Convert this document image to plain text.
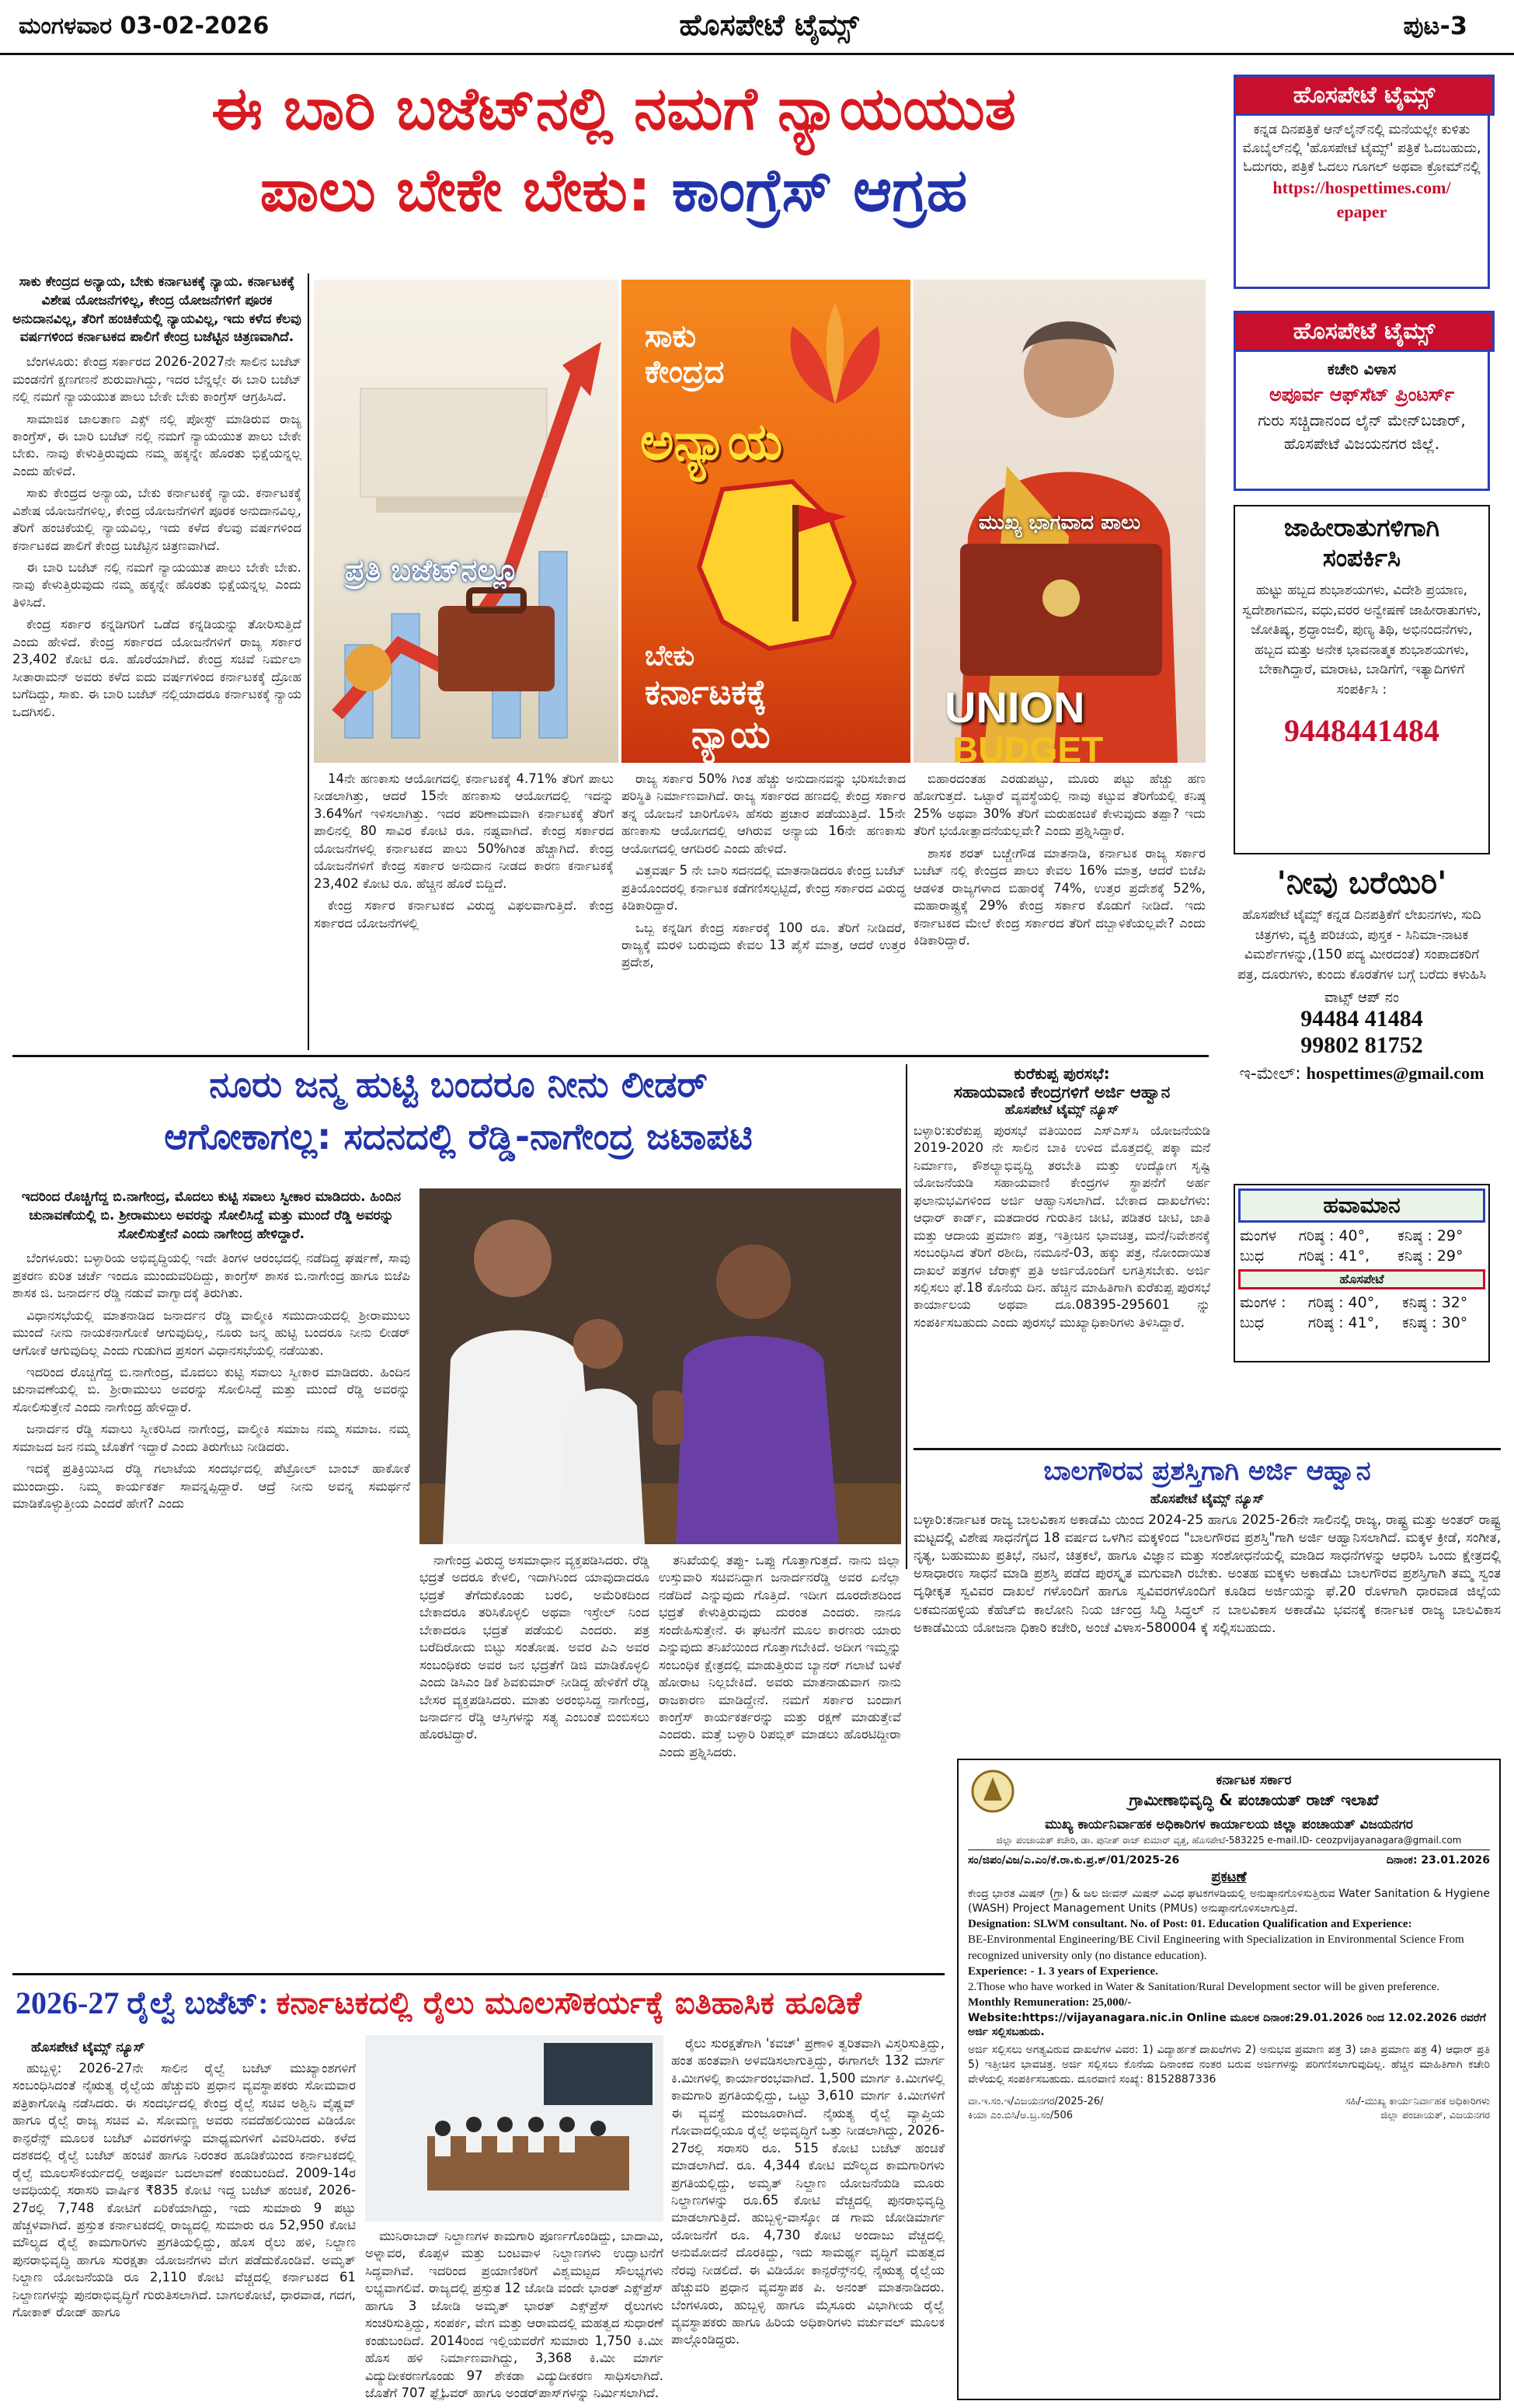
ಮಂಗಳವಾರ 03-02-2026	ಹೊಸಪೇಟೆ ಟೈಮ್ಸ್	ಪುಟ-3
ಈ ಬಾರಿ ಬಜೆಟ್‌ನಲ್ಲಿ ನಮಗೆ ನ್ಯಾಯಯುತ
ಪಾಲು ಬೇಕೇ ಬೇಕು: ಕಾಂಗ್ರೆಸ್ ಆಗ್ರಹ

ಸಾಕು ಕೇಂದ್ರದ ಅನ್ಯಾಯ, ಬೇಕು ಕರ್ನಾಟಕಕ್ಕೆ ನ್ಯಾಯ. ಕರ್ನಾಟಕಕ್ಕೆ ವಿಶೇಷ ಯೋಜನೆಗಳಿಲ್ಲ, ಕೇಂದ್ರ ಯೋಜನೆಗಳಿಗೆ ಪೂರಕ ಅನುದಾನವಿಲ್ಲ, ತೆರಿಗೆ ಹಂಚಿಕೆಯಲ್ಲಿ ನ್ಯಾಯವಿಲ್ಲ, ಇದು ಕಳೆದ ಕೆಲವು ವರ್ಷಗಳಿಂದ ಕರ್ನಾಟಕದ ಪಾಲಿಗೆ ಕೇಂದ್ರ ಬಜೆಟ್ಟಿನ ಚಿತ್ರಣವಾಗಿದೆ.

ಬೆಂಗಳೂರು: ಕೇಂದ್ರ ಸರ್ಕಾರದ 2026-2027ನೇ ಸಾಲಿನ ಬಜೆಟ್ ಮಂಡನೆಗೆ ಕ್ಷಣಗಣನೆ ಶುರುವಾಗಿದ್ದು, ಇದರ ಬೆನ್ನಲ್ಲೇ ಈ ಬಾರಿ ಬಜೆಟ್ ನಲ್ಲಿ ನಮಗೆ ನ್ಯಾಯಯುತ ಪಾಲು ಬೇಕೇ ಬೇಕು ಕಾಂಗ್ರೆಸ್ ಆಗ್ರಹಿಸಿದೆ.

ಸಾಮಾಜಿಕ ಜಾಲತಾಣ ಎಕ್ಸ್ ನಲ್ಲಿ ಪೋಸ್ಟ್ ಮಾಡಿರುವ ರಾಜ್ಯ ಕಾಂಗ್ರೆಸ್, ಈ ಬಾರಿ ಬಜೆಟ್ ನಲ್ಲಿ ನಮಗೆ ನ್ಯಾಯಯುತ ಪಾಲು ಬೇಕೇ ಬೇಕು. ನಾವು ಕೇಳುತ್ತಿರುವುದು ನಮ್ಮ ಹಕ್ಕನ್ನೇ ಹೊರತು ಭಿಕ್ಷೆಯನ್ನಲ್ಲ ಎಂದು ಹೇಳಿದೆ.

ಸಾಕು ಕೇಂದ್ರದ ಅನ್ಯಾಯ, ಬೇಕು ಕರ್ನಾಟಕಕ್ಕೆ ನ್ಯಾಯ. ಕರ್ನಾಟಕಕ್ಕೆ ವಿಶೇಷ ಯೋಜನೆಗಳಿಲ್ಲ, ಕೇಂದ್ರ ಯೋಜನೆಗಳಿಗೆ ಪೂರಕ ಅನುದಾನವಿಲ್ಲ, ತೆರಿಗೆ ಹಂಚಿಕೆಯಲ್ಲಿ ನ್ಯಾಯವಿಲ್ಲ, ಇದು ಕಳೆದ ಕೆಲವು ವರ್ಷಗಳಿಂದ ಕರ್ನಾಟಕದ ಪಾಲಿಗೆ ಕೇಂದ್ರ ಬಜೆಟ್ಟಿನ ಚಿತ್ರಣವಾಗಿದೆ.

ಈ ಬಾರಿ ಬಜೆಟ್ ನಲ್ಲಿ ನಮಗೆ ನ್ಯಾಯಯುತ ಪಾಲು ಬೇಕೇ ಬೇಕು. ನಾವು ಕೇಳುತ್ತಿರುವುದು ನಮ್ಮ ಹಕ್ಕನ್ನೇ ಹೊರತು ಭಿಕ್ಷೆಯನ್ನಲ್ಲ ಎಂದು ತಿಳಿಸಿದೆ.

ಕೇಂದ್ರ ಸರ್ಕಾರ ಕನ್ನಡಿಗರಿಗೆ ಒಡೆದ ಕನ್ನಡಿಯನ್ನು ತೋರಿಸುತ್ತಿದೆ ಎಂದು ಹೇಳಿದೆ. ಕೇಂದ್ರ ಸರ್ಕಾರದ ಯೋಜನೆಗಳಿಗೆ ರಾಜ್ಯ ಸರ್ಕಾರ 23,402 ಕೋಟಿ ರೂ. ಹೊರೆಯಾಗಿದೆ. ಕೇಂದ್ರ ಸಚಿವೆ ನಿರ್ಮಲಾ ಸೀತಾರಾಮನ್ ಅವರು ಕಳೆದ ಐದು ವರ್ಷಗಳಿಂದ ಕರ್ನಾಟಕಕ್ಕೆ ದ್ರೋಹ ಬಗೆದಿದ್ದು, ಸಾಕು. ಈ ಬಾರಿ ಬಜೆಟ್ ನಲ್ಲಿಯಾದರೂ ಕರ್ನಾಟಕಕ್ಕೆ ನ್ಯಾಯ ಒದಗಿಸಲಿ.

ಪ್ರತಿ ಬಜೆಟ್‌ನಲ್ಲೂ
ಸಾಕು ಕೇಂದ್ರದ
ಅನ್ಯಾಯ
ಬೇಕು
ಕರ್ನಾಟಕಕ್ಕೆ
ನ್ಯಾಯ
ಮುಖ್ಯ ಭಾಗವಾದ ಪಾಲು
UNION
BUDGET

14ನೇ ಹಣಕಾಸು ಆಯೋಗದಲ್ಲಿ ಕರ್ನಾಟಕಕ್ಕೆ 4.71% ತೆರಿಗೆ ಪಾಲು ನೀಡಲಾಗಿತ್ತು, ಆದರೆ 15ನೇ ಹಣಕಾಸು ಆಯೋಗದಲ್ಲಿ ಇದನ್ನು 3.64%ಗೆ ಇಳಿಸಲಾಗಿತ್ತು. ಇದರ ಪರಿಣಾಮವಾಗಿ ಕರ್ನಾಟಕಕ್ಕೆ ತೆರಿಗೆ ಪಾಲಿನಲ್ಲಿ 80 ಸಾವಿರ ಕೋಟಿ ರೂ. ನಷ್ಟವಾಗಿದೆ. ಕೇಂದ್ರ ಸರ್ಕಾರದ ಯೋಜನೆಗಳಲ್ಲಿ ಕರ್ನಾಟಕದ ಪಾಲು 50%ಗಿಂತ ಹೆಚ್ಚಾಗಿದೆ. ಕೇಂದ್ರ ಯೋಜನೆಗಳಿಗೆ ಕೇಂದ್ರ ಸರ್ಕಾರ ಅನುದಾನ ನೀಡದ ಕಾರಣ ಕರ್ನಾಟಕಕ್ಕೆ 23,402 ಕೋಟಿ ರೂ. ಹೆಚ್ಚಿನ ಹೊರೆ ಬಿದ್ದಿದೆ.

ಕೇಂದ್ರ ಸರ್ಕಾರ ಕರ್ನಾಟಕದ ವಿರುದ್ಧ ವಿಫಲವಾಗುತ್ತಿದೆ. ಕೇಂದ್ರ ಸರ್ಕಾರದ ಯೋಜನೆಗಳಲ್ಲಿ

ರಾಜ್ಯ ಸರ್ಕಾರ 50% ಗಿಂತ ಹೆಚ್ಚು ಅನುದಾನವನ್ನು ಭರಿಸಬೇಕಾದ ಪರಿಸ್ಥಿತಿ ನಿರ್ಮಾಣವಾಗಿದೆ. ರಾಜ್ಯ ಸರ್ಕಾರದ ಹಣದಲ್ಲಿ ಕೇಂದ್ರ ಸರ್ಕಾರ ತನ್ನ ಯೋಜನೆ ಜಾರಿಗೊಳಿಸಿ ಹೆಸರು ಪ್ರಚಾರ ಪಡೆಯುತ್ತಿದೆ. 15ನೇ ಹಣಕಾಸು ಆಯೋಗದಲ್ಲಿ ಆಗಿರುವ ಅನ್ಯಾಯ 16ನೇ ಹಣಕಾಸು ಆಯೋಗದಲ್ಲಿ ಆಗದಿರಲಿ ಎಂದು ಹೇಳಿದೆ.

ವಿತ್ತವರ್ಷ 5 ನೇ ಬಾರಿ ಸದನದಲ್ಲಿ ಮಾತನಾಡಿದರೂ ಕೇಂದ್ರ ಬಜೆಟ್ ಪ್ರತಿಯೊಂದರಲ್ಲಿ ಕರ್ನಾಟಕ ಕಡೆಗಣಿಸಲ್ಪಟ್ಟಿದೆ, ಕೇಂದ್ರ ಸರ್ಕಾರದ ವಿರುದ್ಧ ಕಿಡಿಕಾರಿದ್ದಾರೆ.

ಒಬ್ಬ ಕನ್ನಡಿಗ ಕೇಂದ್ರ ಸರ್ಕಾರಕ್ಕೆ 100 ರೂ. ತೆರಿಗೆ ನೀಡಿದರೆ, ರಾಜ್ಯಕ್ಕೆ ಮರಳಿ ಬರುವುದು ಕೇವಲ 13 ಪೈಸೆ ಮಾತ್ರ, ಆದರೆ ಉತ್ತರ ಪ್ರದೇಶ,

ಬಿಹಾರದಂತಹ ಎರಡುಪಟ್ಟು, ಮೂರು ಪಟ್ಟು ಹೆಚ್ಚು ಹಣ ಹೋಗುತ್ತದೆ. ಒಟ್ಟಾರೆ ವ್ಯವಸ್ಥೆಯಲ್ಲಿ ನಾವು ಕಟ್ಟುವ ತೆರಿಗೆಯಲ್ಲಿ ಕನಿಷ್ಠ 25% ಅಥವಾ 30% ತೆರಿಗೆ ಮರುಹಂಚಿಕೆ ಕೇಳುವುದು ತಪ್ಪಾ? ಇದು ತೆರಿಗೆ ಭಯೋತ್ಪಾದನೆಯಲ್ಲವೇ? ಎಂದು ಪ್ರಶ್ನಿಸಿದ್ದಾರೆ.

ಶಾಸಕ ಶರತ್ ಬಚ್ಚೇಗೌಡ ಮಾತನಾಡಿ, ಕರ್ನಾಟಕ ರಾಜ್ಯ ಸರ್ಕಾರ ಬಜೆಟ್ ನಲ್ಲಿ ಕೇಂದ್ರದ ಪಾಲು ಕೇವಲ 16% ಮಾತ್ರ, ಆದರೆ ಬಿಜೆಪಿ ಆಡಳಿತ ರಾಜ್ಯಗಳಾದ ಬಿಹಾರಕ್ಕೆ 74%, ಉತ್ತರ ಪ್ರದೇಶಕ್ಕೆ 52%, ಮಹಾರಾಷ್ಟ್ರಕ್ಕೆ 29% ಕೇಂದ್ರ ಸರ್ಕಾರ ಕೊಡುಗೆ ನೀಡಿದೆ. ಇದು ಕರ್ನಾಟಕದ ಮೇಲೆ ಕೇಂದ್ರ ಸರ್ಕಾರದ ತೆರಿಗೆ ದಬ್ಬಾಳಿಕೆಯಲ್ಲವೇ? ಎಂದು ಕಿಡಿಕಾರಿದ್ದಾರೆ.

ಹೊಸಪೇಟೆ ಟೈಮ್ಸ್
ಕನ್ನಡ ದಿನಪತ್ರಿಕೆ ಆನ್‌ಲೈನ್‌ನಲ್ಲಿ ಮನೆಯಲ್ಲೇ ಕುಳಿತು ಮೊಬೈಲ್‌ನಲ್ಲಿ 'ಹೊಸಪೇಟೆ ಟೈಮ್ಸ್' ಪತ್ರಿಕೆ ಓದಬಹುದು, ಓದುಗರು, ಪತ್ರಿಕೆ ಓದಲು ಗೂಗಲ್ ಅಥವಾ ಕ್ರೋಮ್‌ನಲ್ಲಿ
https://hospettimes.com/
epaper
ಹೊಸಪೇಟೆ ಟೈಮ್ಸ್
ಕಚೇರಿ ವಿಳಾಸ
ಅಪೂರ್ವ ಆಫ್‌ಸೆಟ್ ಪ್ರಿಂಟರ್ಸ್
ಗುರು ಸಚ್ಚಿದಾನಂದ ಲೈನ್ ಮೇನ್‌ಬಜಾರ್, ಹೊಸಪೇಟೆ ವಿಜಯನಗರ ಜಿಲ್ಲೆ.
ಜಾಹೀರಾತುಗಳಿಗಾಗಿ
ಸಂಪರ್ಕಿಸಿ
ಹುಟ್ಟು ಹಬ್ಬದ ಶುಭಾಶಯಗಳು, ವಿದೇಶಿ ಪ್ರಯಾಣ, ಸ್ವದೇಶಾಗಮನ, ವಧು,ವರರ ಅನ್ವೇಷಣೆ ಜಾಹೀರಾತುಗಳು, ಜೋತಿಷ್ಯ, ಶ್ರದ್ಧಾಂಜಲಿ, ಪುಣ್ಯ ತಿಥಿ, ಅಭಿನಂದನೆಗಳು, ಹಬ್ಬದ ಮತ್ತು ಅನೇಕ ಭಾವನಾತ್ಮಕ ಶುಭಾಶಯಗಳು, ಬೇಕಾಗಿದ್ದಾರೆ, ಮಾರಾಟ, ಬಾಡಿಗೆಗೆ, ಇತ್ಯಾದಿಗಳಿಗೆ ಸಂಪರ್ಕಿಸಿ :
9448441484
'ನೀವು ಬರೆಯಿರಿ'
ಹೊಸಪೇಟೆ ಟೈಮ್ಸ್ ಕನ್ನಡ ದಿನಪತ್ರಿಕೆಗೆ ಲೇಖನಗಳು, ಸುದಿ ಚಿತ್ರಗಳು, ವ್ಯಕ್ತಿ ಪರಿಚಯ, ಪುಸ್ತಕ - ಸಿನಿಮಾ-ನಾಟಕ ವಿಮರ್ಶೆಗಳನ್ನು,(150 ಪದ್ಯ ಮೀರದಂತೆ) ಸಂಪಾದಕರಿಗೆ ಪತ್ರ, ದೂರುಗಳು, ಕುಂದು ಕೊರತೆಗಳ ಬಗ್ಗೆ ಬರೆದು ಕಳುಹಿಸಿ
ವಾಟ್ಸ್ ಆಪ್ ನಂ
94484 41484
99802 81752
ಇ-ಮೇಲ್: hospettimes@gmail.com
ಹವಾಮಾನ
ಮಂಗಳ	ಗರಿಷ್ಠ : 40°,	ಕನಿಷ್ಠ : 29°
ಬುಧ	ಗರಿಷ್ಠ : 41°,	ಕನಿಷ್ಠ : 29°
ಹೊಸಪೇಟೆ
ಮಂಗಳ :	ಗರಿಷ್ಠ : 40°,	ಕನಿಷ್ಠ : 32°
ಬುಧ	ಗರಿಷ್ಠ : 41°,	ಕನಿಷ್ಠ : 30°
ನೂರು ಜನ್ಮ ಹುಟ್ಟಿ ಬಂದರೂ ನೀನು ಲೀಡರ್
ಆಗೋಕಾಗಲ್ಲ: ಸದನದಲ್ಲಿ ರೆಡ್ಡಿ-ನಾಗೇಂದ್ರ ಜಟಾಪಟಿ

ಇದರಿಂದ ರೊಚ್ಚಿಗೆದ್ದ ಬಿ.ನಾಗೇಂದ್ರ, ಮೊದಲು ಕುಟ್ಟಿ ಸವಾಲು ಸ್ವೀಕಾರ ಮಾಡಿದರು. ಹಿಂದಿನ ಚುನಾವಣೆಯಲ್ಲಿ ಬಿ. ಶ್ರೀರಾಮುಲು ಅವರನ್ನು ಸೋಲಿಸಿದ್ದೆ ಮತ್ತು ಮುಂದೆ ರೆಡ್ಡಿ ಅವರನ್ನು ಸೋಲಿಸುತ್ತೇನೆ ಎಂದು ನಾಗೇಂದ್ರ ಹೇಳಿದ್ದಾರೆ.

ಬೆಂಗಳೂರು: ಬಳ್ಳಾರಿಯ ಅಭಿವೃದ್ಧಿಯಲ್ಲಿ ಇದೇ ತಿಂಗಳ ಆರಂಭದಲ್ಲಿ ನಡೆದಿದ್ದ ಘರ್ಷಣೆ, ಸಾವು ಪ್ರಕರಣ ಕುರಿತ ಚರ್ಚೆ ಇಂದೂ ಮುಂದುವರಿದಿದ್ದು, ಕಾಂಗ್ರೆಸ್ ಶಾಸಕ ಬಿ.ನಾಗೇಂದ್ರ ಹಾಗೂ ಬಿಜೆಪಿ ಶಾಸಕ ಜಿ. ಜನಾರ್ದನ ರೆಡ್ಡಿ ನಡುವೆ ವಾಗ್ವಾದಕ್ಕೆ ತಿರುಗಿತು.

ವಿಧಾನಸಭೆಯಲ್ಲಿ ಮಾತನಾಡಿದ ಜನಾರ್ದನ ರೆಡ್ಡಿ ವಾಲ್ಮೀಕಿ ಸಮುದಾಯದಲ್ಲಿ ಶ್ರೀರಾಮುಲು ಮುಂದೆ ನೀನು ನಾಯಕನಾಗೋಕೆ ಆಗುವುದಿಲ್ಲ, ನೂರು ಜನ್ಮ ಹುಟ್ಟಿ ಬಂದರೂ ನೀನು ಲೀಡರ್ ಆಗೋಕೆ ಆಗುವುದಿಲ್ಲ ಎಂದು ಗುಡುಗಿದ ಪ್ರಸಂಗ ವಿಧಾನಸಭೆಯಲ್ಲಿ ನಡೆಯಿತು.

ಇದರಿಂದ ರೊಚ್ಚಿಗೆದ್ದ ಬಿ.ನಾಗೇಂದ್ರ, ಮೊದಲು ಕುಟ್ಟಿ ಸವಾಲು ಸ್ವೀಕಾರ ಮಾಡಿದರು. ಹಿಂದಿನ ಚುನಾವಣೆಯಲ್ಲಿ ಬಿ. ಶ್ರೀರಾಮುಲು ಅವರನ್ನು ಸೋಲಿಸಿದ್ದೆ ಮತ್ತು ಮುಂದೆ ರೆಡ್ಡಿ ಅವರನ್ನು ಸೋಲಿಸುತ್ತೇನೆ ಎಂದು ನಾಗೇಂದ್ರ ಹೇಳಿದ್ದಾರೆ.

ಜನಾರ್ದನ ರೆಡ್ಡಿ ಸವಾಲು ಸ್ವೀಕರಿಸಿದ ನಾಗೇಂದ್ರ, ವಾಲ್ಮೀಕಿ ಸಮಾಜ ನಮ್ಮ ಸಮಾಜ. ನಮ್ಮ ಸಮಾಜದ ಜನ ನಮ್ಮ ಜೊತೆಗೆ ಇದ್ದಾರೆ ಎಂದು ತಿರುಗೇಟು ನೀಡಿದರು.

ಇದಕ್ಕೆ ಪ್ರತಿಕ್ರಿಯಿಸಿದ ರೆಡ್ಡಿ ಗಲಾಟೆಯ ಸಂದರ್ಭದಲ್ಲಿ ಪೆಟ್ರೋಲ್ ಬಾಂಬ್ ಹಾಕೋಕೆ ಮುಂದಾದ್ರು. ನಿಮ್ಮ ಕಾರ್ಯಕರ್ತ ಸಾವನ್ನಪ್ಪಿದ್ದಾರೆ. ಆದ್ರೆ ನೀನು ಅವನ್ನ ಸಮರ್ಥನೆ ಮಾಡಿಕೊಳ್ಳುತ್ತೀಯ ಎಂದರೆ ಹೇಗೆ? ಎಂದು

ನಾಗೇಂದ್ರ ವಿರುದ್ಧ ಅಸಮಾಧಾನ ವ್ಯಕ್ತಪಡಿಸಿದರು. ರೆಡ್ಡಿ ಭದ್ರತೆ ಅದರೂ ಕೇಳಲಿ, ಇದಾಗಿನಿಂದ ಯಾವುದಾದರೂ ಭದ್ರತೆ ತೆಗೆದುಕೊಂಡು ಬರಲಿ, ಅಮೆರಿಕದಿಂದ ಬೇಕಾದರೂ ತರಿಸಿಕೊಳ್ಳಲಿ ಅಥವಾ ಇಸ್ರೇಲ್ ನಿಂದ ಬೇಕಾದರೂ ಭದ್ರತೆ ಪಡೆಯಲಿ ಎಂದರು. ಪತ್ರ ಬರೆದಿರೋದು ಬಿಟ್ಟು ಸಂತೋಷ. ಅವರ ಪಿಎ ಅವರ ಸಂಬಂಧಿಕರು ಅವರ ಜನ ಭದ್ರತೆಗೆ ಡಿಜಿ ಮಾಡಿಕೊಳ್ಳಲಿ ಎಂದು ಡಿಸಿಎಂ ಡಿಕೆ ಶಿವಕುಮಾರ್ ನೀಡಿದ್ದ ಹೇಳಿಕೆಗೆ ರೆಡ್ಡಿ ಬೇಸರ ವ್ಯಕ್ತಪಡಿಸಿದರು. ಮಾತು ಅರಂಭಿಸಿದ್ದ ನಾಗೇಂದ್ರ, ಜನಾರ್ದನ ರೆಡ್ಡಿ ಆಸ್ತಿಗಳನ್ನು ಸತ್ಯ ಎಂಬಂತೆ ಬಿಂಬಿಸಲು ಹೊರಟಿದ್ದಾರೆ.

ತನಿಖೆಯಲ್ಲಿ ತಪ್ಪು- ಒಪ್ಪು ಗೊತ್ತಾಗುತ್ತದೆ. ನಾನು ಜಿಲ್ಲಾ ಉಸ್ತುವಾರಿ ಸಚಿವನಿದ್ದಾಗ ಜನಾರ್ದನರೆಡ್ಡಿ ಅವರ ಏನೆಲ್ಲಾ ನಡೆದಿದೆ ಎನ್ನುವುದು ಗೊತ್ತಿದೆ. ಇದೀಗ ದೂರದೇಶದಿಂದ ಭದ್ರತೆ ಕೇಳುತ್ತಿರುವುದು ದುರಂತ ಎಂದರು. ನಾನೂ ಸಂದೇಹಿಸುತ್ತೇನೆ. ಈ ಘಟನೆಗೆ ಮೂಲ ಕಾರಣರು ಯಾರು ಎನ್ನುವುದು ತನಿಖೆಯಿಂದ ಗೊತ್ತಾಗಬೇಕಿದೆ. ಅದೀಗ ಇಮ್ಮನ್ನು ಸಂಬಂಧಿಕ ಕ್ಷೇತ್ರದಲ್ಲಿ ಮಾಡುತ್ತಿರುವ ಬ್ಯಾನರ್ ಗಲಾಟೆ ಬಳಕೆ ಹೋರಾಟ ನಿಲ್ಲಬೇಕಿದೆ. ಅವರು ಮಾತನಾಡುವಾಗ ನಾನು ರಾಜಕಾರಣ ಮಾಡಿದ್ದೇನೆ. ನಮಗೆ ಸರ್ಕಾರ ಬಂದಾಗ ಕಾಂಗ್ರೆಸ್ ಕಾರ್ಯಕರ್ತರನ್ನು ಮತ್ತು ರಕ್ಷಣೆ ಮಾಡುತ್ತೇವೆ ಎಂದರು. ಮತ್ತೆ ಬಳ್ಳಾರಿ ರಿಪಬ್ಲಿಕ್ ಮಾಡಲು ಹೊರಟಿದ್ದೀರಾ ಎಂದು ಪ್ರಶ್ನಿಸಿದರು.

ಕುರೆಕುಪ್ಪ ಪುರಸಭೆ:
ಸಹಾಯವಾಣಿ ಕೇಂದ್ರಗಳಿಗೆ ಅರ್ಜಿ ಆಹ್ವಾನ
ಹೊಸಪೇಟೆ ಟೈಮ್ಸ್ ನ್ಯೂಸ್
ಬಳ್ಳಾರಿ:ಕುರೆಕುಪ್ಪ ಪುರಸಭೆ ವತಿಯಿಂದ ಎಸ್‌ಎಸ್‌ಸಿ ಯೋಜನೆಯಡಿ 2019-2020 ನೇ ಸಾಲಿನ ಬಾಕಿ ಉಳಿದ ಮೊತ್ತದಲ್ಲಿ ಪಕ್ಕಾ ಮನೆ ನಿರ್ಮಾಣ, ಕೌಶಲ್ಯಾಭಿವೃದ್ಧಿ ತರಬೇತಿ ಮತ್ತು ಉದ್ಯೋಗ ಸೃಷ್ಟಿ ಯೋಜನೆಯಡಿ ಸಹಾಯವಾಣಿ ಕೇಂದ್ರಗಳ ಸ್ಥಾಪನೆಗೆ ಅರ್ಹ ಫಲಾನುಭವಿಗಳಿಂದ ಅರ್ಜಿ ಆಹ್ವಾನಿಸಲಾಗಿದೆ. ಬೇಕಾದ ದಾಖಲೆಗಳು: ಆಧಾರ್ ಕಾರ್ಡ್, ಮತದಾರರ ಗುರುತಿನ ಚೀಟಿ, ಪಡಿತರ ಚೀಟಿ, ಜಾತಿ ಮತ್ತು ಆದಾಯ ಪ್ರಮಾಣ ಪತ್ರ, ಇತ್ತೀಚಿನ ಭಾವಚಿತ್ರ, ಮನೆ/ನಿವೇಶನಕ್ಕೆ ಸಂಬಂಧಿಸಿದ ತೆರಿಗೆ ರಶೀದಿ, ನಮೂನೆ-03, ಹಕ್ಕು ಪತ್ರ, ನೋಂದಾಯಿತ ದಾಖಲೆ ಪತ್ರಗಳ ಜೆರಾಕ್ಸ್ ಪ್ರತಿ ಅರ್ಜಿಯೊಂದಿಗೆ ಲಗತ್ತಿಸಬೇಕು. ಅರ್ಜಿ ಸಲ್ಲಿಸಲು ಫೆ.18 ಕೊನೆಯ ದಿನ. ಹೆಚ್ಚಿನ ಮಾಹಿತಿಗಾಗಿ ಕುರೆಕುಪ್ಪ ಪುರಸಭೆ ಕಾರ್ಯಾಲಯ ಅಥವಾ ದೂ.08395-295601 ನ್ನು ಸಂಪರ್ಕಿಸಬಹುದು ಎಂದು ಪುರಸಭೆ ಮುಖ್ಯಾಧಿಕಾರಿಗಳು ತಿಳಿಸಿದ್ದಾರೆ.
ಬಾಲಗೌರವ ಪ್ರಶಸ್ತಿಗಾಗಿ ಅರ್ಜಿ ಆಹ್ವಾನ
ಹೊಸಪೇಟೆ ಟೈಮ್ಸ್ ನ್ಯೂಸ್
ಬಳ್ಳಾರಿ:ಕರ್ನಾಟಕ ರಾಜ್ಯ ಬಾಲವಿಕಾಸ ಅಕಾಡೆಮಿ ಯಿಂದ 2024-25 ಹಾಗೂ 2025-26ನೇ ಸಾಲಿನಲ್ಲಿ ರಾಜ್ಯ, ರಾಷ್ಟ್ರ ಮತ್ತು ಅಂತರ್ ರಾಷ್ಟ್ರ ಮಟ್ಟದಲ್ಲಿ ವಿಶೇಷ ಸಾಧನೆಗೈದ 18 ವರ್ಷದ ಒಳಗಿನ ಮಕ್ಕಳಿಂದ "ಬಾಲಗೌರವ ಪ್ರಶಸ್ತಿ"ಗಾಗಿ ಅರ್ಜಿ ಆಹ್ವಾನಿಸಲಾಗಿದೆ. ಮಕ್ಕಳ ಕ್ರೀಡೆ, ಸಂಗೀತ, ನೃತ್ಯ, ಬಹುಮುಖ ಪ್ರತಿಭೆ, ನಟನೆ, ಚಿತ್ರಕಲೆ, ಹಾಗೂ ವಿಜ್ಞಾನ ಮತ್ತು ಸಂಶೋಧನೆಯಲ್ಲಿ ಮಾಡಿದ ಸಾಧನೆಗಳನ್ನು ಆಧರಿಸಿ ಒಂದು ಕ್ಷೇತ್ರದಲ್ಲಿ ಅಸಾಧಾರಣ ಸಾಧನೆ ಮಾಡಿ ಪ್ರಶಸ್ತಿ ಪಡೆದ ಪುರಸ್ಕೃತ ಮಗುವಾಗಿ ರಬೇಕು. ಅಂತಹ ಮಕ್ಕಳು ಅಕಾಡೆಮಿ ಬಾಲಗೌರವ ಪ್ರಶಸ್ತಿಗಾಗಿ ತಮ್ಮ ಸ್ವಂತ ದೃಢೀಕೃತ ಸ್ವವಿವರ ದಾಖಲೆ ಗಳೊಂದಿಗೆ ಹಾಗೂ ಸ್ವವಿವರಗಳೊಂದಿಗೆ ಕೂಡಿದ ಅರ್ಜಿಯನ್ನು ಫೆ.20 ರೊಳಗಾಗಿ ಧಾರವಾಡ ಜಿಲ್ಲೆಯ ಲಕಮನಹಳ್ಳಿಯ ಕೆಹೆಚ್‌ಬಿ ಕಾಲೋನಿ ನಿಯ ರ್ಚಂದ್ರ ಸಿದ್ಧಿ ಸಿದ್ಧಲ್ ನ ಬಾಲವಿಕಾಸ ಅಕಾಡೆಮಿ ಭವನಕ್ಕೆ ಕರ್ನಾಟಕ ರಾಜ್ಯ ಬಾಲವಿಕಾಸ ಅಕಾಡೆಮಿಯ ಯೋಜನಾ ಧಿಕಾರಿ ಕಚೇರಿ, ಅಂಚೆ ವಿಳಾಸ-580004 ಕ್ಕೆ ಸಲ್ಲಿಸಬಹುದು.
2026-27 ರೈಲ್ವೆ ಬಜೆಟ್: ಕರ್ನಾಟಕದಲ್ಲಿ ರೈಲು ಮೂಲಸೌಕರ್ಯಕ್ಕೆ ಐತಿಹಾಸಿಕ ಹೂಡಿಕೆ
ಹೊಸಪೇಟೆ ಟೈಮ್ಸ್ ನ್ಯೂಸ್

ಹುಬ್ಬಳ್ಳಿ: 2026-27ನೇ ಸಾಲಿನ ರೈಲ್ವೆ ಬಜೆಟ್ ಮುಖ್ಯಾಂಶಗಳಿಗೆ ಸಂಬಂಧಿಸಿದಂತೆ ನೈಋತ್ಯ ರೈಲ್ವೆಯ ಹೆಚ್ಚುವರಿ ಪ್ರಧಾನ ವ್ಯವಸ್ಥಾಪಕರು ಸೋಮವಾರ ಪತ್ರಿಕಾಗೋಷ್ಠಿ ನಡೆಸಿದರು. ಈ ಸಂದರ್ಭದಲ್ಲಿ ಕೇಂದ್ರ ರೈಲ್ವೆ ಸಚಿವ ಅಶ್ವಿನಿ ವೈಷ್ಣವ್ ಹಾಗೂ ರೈಲ್ವೆ ರಾಜ್ಯ ಸಚಿವ ವಿ. ಸೋಮಣ್ಣ ಅವರು ನವದೆಹಲಿಯಿಂದ ವಿಡಿಯೋ ಕಾನ್ಫರೆನ್ಸ್ ಮೂಲಕ ಬಜೆಟ್ ವಿವರಗಳನ್ನು ಮಾಧ್ಯಮಗಳಿಗೆ ವಿವರಿಸಿದರು. ಕಳೆದ ದಶಕದಲ್ಲಿ ರೈಲ್ವೆ ಬಜೆಟ್ ಹಂಚಿಕೆ ಹಾಗೂ ನಿರಂತರ ಹೂಡಿಕೆಯಿಂದ ಕರ್ನಾಟಕದಲ್ಲಿ ರೈಲ್ವೆ ಮೂಲಸೌಕರ್ಯದಲ್ಲಿ ಅಪೂರ್ವ ಬದಲಾವಣೆ ಕಂಡುಬಂದಿದೆ. 2009-14ರ ಅವಧಿಯಲ್ಲಿ ಸರಾಸರಿ ವಾರ್ಷಿಕ ₹835 ಕೋಟಿ ಇದ್ದ ಬಜೆಟ್ ಹಂಚಿಕೆ, 2026-27ರಲ್ಲಿ 7,748 ಕೋಟಿಗೆ ಏರಿಕೆಯಾಗಿದ್ದು, ಇದು ಸುಮಾರು 9 ಪಟ್ಟು ಹೆಚ್ಚಳವಾಗಿದೆ. ಪ್ರಸ್ತುತ ಕರ್ನಾಟಕದಲ್ಲಿ ರಾಜ್ಯದಲ್ಲಿ ಸುಮಾರು ರೂ 52,950 ಕೋಟಿ ಮೌಲ್ಯದ ರೈಲ್ವೆ ಕಾಮಗಾರಿಗಳು ಪ್ರಗತಿಯಲ್ಲಿದ್ದು, ಹೊಸ ರೈಲು ಹಳಿ, ನಿಲ್ದಾಣ ಪುನರಾಭಿವೃದ್ಧಿ ಹಾಗೂ ಸುರಕ್ಷತಾ ಯೋಜನೆಗಳು ವೇಗ ಪಡೆದುಕೊಂಡಿವೆ. ಅಮೃತ್ ನಿಲ್ದಾಣ ಯೋಜನೆಯಡಿ ರೂ 2,110 ಕೋಟಿ ವೆಚ್ಚದಲ್ಲಿ ಕರ್ನಾಟಕದ 61 ನಿಲ್ದಾಣಗಳನ್ನು ಪುನರಾಭಿವೃದ್ಧಿಗೆ ಗುರುತಿಸಲಾಗಿದೆ. ಬಾಗಲಕೋಟೆ, ಧಾರವಾಡ, ಗದಗ, ಗೋಕಾಕ್ ರೋಡ್ ಹಾಗೂ

ಮುನಿರಾಬಾದ್ ನಿಲ್ದಾಣಗಳ ಕಾಮಗಾರಿ ಪೂರ್ಣಗೊಂಡಿದ್ದು, ಬಾದಾಮಿ, ಅಳ್ನಾವರ, ಕೊಪ್ಪಳ ಮತ್ತು ಬಂಟವಾಳ ನಿಲ್ದಾಣಗಳು ಉದ್ಘಾಟನೆಗೆ ಸಿದ್ಧವಾಗಿವೆ. ಇದರಿಂದ ಪ್ರಯಾಣಿಕರಿಗೆ ವಿಶ್ವಮಟ್ಟದ ಸೌಲಭ್ಯಗಳು ಲಭ್ಯವಾಗಲಿವೆ. ರಾಜ್ಯದಲ್ಲಿ ಪ್ರಸ್ತುತ 12 ಜೋಡಿ ವಂದೇ ಭಾರತ್ ಎಕ್ಸ್‌ಪ್ರೆಸ್ ಹಾಗೂ 3 ಜೋಡಿ ಅಮೃತ್ ಭಾರತ್ ಎಕ್ಸ್‌ಪ್ರೆಸ್ ರೈಲುಗಳು ಸಂಚರಿಸುತ್ತಿದ್ದು, ಸಂಪರ್ಕ, ವೇಗ ಮತ್ತು ಆರಾಮದಲ್ಲಿ ಮಹತ್ವದ ಸುಧಾರಣೆ ಕಂಡುಬಂದಿದೆ. 2014ರಿಂದ ಇಲ್ಲಿಯವರೆಗೆ ಸುಮಾರು 1,750 ಕಿ.ಮೀ ಹೊಸ ಹಳಿ ನಿರ್ಮಾಣವಾಗಿದ್ದು, 3,368 ಕಿ.ಮೀ ಮಾರ್ಗ ವಿದ್ಯುದೀಕರಣಗೊಂಡು 97 ಶೇಕಡಾ ವಿದ್ಯುದೀಕರಣ ಸಾಧಿಸಲಾಗಿದೆ. ಜೊತೆಗೆ 707 ಫ್ಲೈಓವರ್ ಹಾಗೂ ಅಂಡರ್‌ಪಾಸ್‌ಗಳನ್ನು ನಿರ್ಮಿಸಲಾಗಿದೆ.

ರೈಲು ಸುರಕ್ಷತೆಗಾಗಿ 'ಕವಚ್' ಪ್ರಣಾಳಿ ತ್ವರಿತವಾಗಿ ವಿಸ್ತರಿಸುತ್ತಿದ್ದು, ಹಂತ ಹಂತವಾಗಿ ಅಳವಡಿಸಲಾಗುತ್ತಿದ್ದು, ಈಗಾಗಲೇ 132 ಮಾರ್ಗ ಕಿ.ಮೀಗಳಲ್ಲಿ ಕಾರ್ಯಾರಂಭವಾಗಿದೆ. 1,500 ಮಾರ್ಗ ಕಿ.ಮೀಗಳಲ್ಲಿ ಕಾಮಗಾರಿ ಪ್ರಗತಿಯಲ್ಲಿದ್ದು, ಒಟ್ಟು 3,610 ಮಾರ್ಗ ಕಿ.ಮೀಗಳಿಗೆ ಈ ವ್ಯವಸ್ಥೆ ಮಂಜೂರಾಗಿದೆ. ನೈಋತ್ಯ ರೈಲ್ವೆ ವ್ಯಾಪ್ತಿಯ ಗೋವಾದಲ್ಲಿಯೂ ರೈಲ್ವೆ ಅಭಿವೃದ್ಧಿಗೆ ಒತ್ತು ನೀಡಲಾಗಿದ್ದು, 2026-27ರಲ್ಲಿ ಸರಾಸರಿ ರೂ. 515 ಕೋಟಿ ಬಜೆಟ್ ಹಂಚಿಕೆ ಮಾಡಲಾಗಿದೆ. ರೂ. 4,344 ಕೋಟಿ ಮೌಲ್ಯದ ಕಾಮಗಾರಿಗಳು ಪ್ರಗತಿಯಲ್ಲಿದ್ದು, ಅಮೃತ್ ನಿಲ್ದಾಣ ಯೋಜನೆಯಡಿ ಮೂರು ನಿಲ್ದಾಣಗಳನ್ನು ರೂ.65 ಕೋಟಿ ವೆಚ್ಚದಲ್ಲಿ ಪುನರಾಭಿವೃದ್ಧಿ ಮಾಡಲಾಗುತ್ತಿದೆ. ಹುಬ್ಬಳ್ಳಿ-ವಾಸ್ಕೋ ಡ ಗಾಮ ಜೋಡಿಮಾರ್ಗ ಯೋಜನೆಗೆ ರೂ. 4,730 ಕೋಟಿ ಅಂದಾಜು ವೆಚ್ಚದಲ್ಲಿ ಅನುಮೋದನೆ ದೊರಕಿದ್ದು, ಇದು ಸಾಮರ್ಥ್ಯ ವೃದ್ಧಿಗೆ ಮಹತ್ವದ ನೆರವು ನೀಡಲಿದೆ. ಈ ವಿಡಿಯೋ ಕಾನ್ಫರೆನ್ಸ್‌ನಲ್ಲಿ ನೈಋತ್ಯ ರೈಲ್ವೆಯ ಹೆಚ್ಚುವರಿ ಪ್ರಧಾನ ವ್ಯವಸ್ಥಾಪಕ ಪಿ. ಅನಂತ್ ಮಾತನಾಡಿದರು. ಬೆಂಗಳೂರು, ಹುಬ್ಬಳ್ಳಿ ಹಾಗೂ ಮೈಸೂರು ವಿಭಾಗೀಯ ರೈಲ್ವೆ ವ್ಯವಸ್ಥಾಪಕರು ಹಾಗೂ ಹಿರಿಯ ಅಧಿಕಾರಿಗಳು ವರ್ಚುವಲ್ ಮೂಲಕ ಪಾಲ್ಗೊಂಡಿದ್ದರು.

ಕರ್ನಾಟಕ ಸರ್ಕಾರ
ಗ್ರಾಮೀಣಾಭಿವೃದ್ಧಿ & ಪಂಚಾಯತ್ ರಾಜ್ ಇಲಾಖೆ
ಮುಖ್ಯ ಕಾರ್ಯನಿರ್ವಾಹಕ ಅಧಿಕಾರಿಗಳ ಕಾರ್ಯಾಲಯ ಜಿಲ್ಲಾ ಪಂಚಾಯತ್ ವಿಜಯನಗರ
ಜಿಲ್ಲಾ ಪಂಚಾಯತ್ ಕಚೇರಿ, ಡಾ. ಪುನೀತ್ ರಾಜ್ ಕುಮಾರ್ ವೃತ್ತ, ಹೊಸಪೇಟೆ-583225 e-mail.ID- ceozpvijayanagara@gmail.com
ಸಂ/ಜಿಪಂ/ವಿಜ/ಎ.ಎಂ/ಕೆ.ರಾ.ಕು.ಪ್ರ.ಕ್/01/2025-26	ದಿನಾಂಕ: 23.01.2026
ಪ್ರಕಟಣೆ
ಕೇಂದ್ರ ಭಾರತ ಮಿಷನ್ (ಗ್ರಾ) & ಜಲ ಜೀವನ್ ಮಿಷನ್ ವಿವಿಧ ಘಟಕಗಳಡಿಯಲ್ಲಿ ಅನುಷ್ಠಾನಗೊಳಿಸುತ್ತಿರುವ Water Sanitation & Hygiene (WASH) Project Management Units (PMUs) ಅನುಷ್ಠಾನಗೊಳಿಸಲಾಗುತ್ತಿದೆ.
Designation: SLWM consultant. No. of Post: 01. Education Qualification and Experience:
BE-Environmental Engineering/BE Civil Engineering with Specialization in Environmental Science From recognized university only (no distance education).
Experience: - 1. 3 years of Experience.
2.Those who have worked in Water & Sanitation/Rural Development sector will be given preference.
Monthly Remuneration: 25,000/-
Website:https://vijayanagara.nic.in Online ಮೂಲಕ ದಿನಾಂಕ:29.01.2026 ರಿಂದ 12.02.2026 ರವರೆಗೆ ಅರ್ಜಿ ಸಲ್ಲಿಸಬಹುದು.
ಅರ್ಜಿ ಸಲ್ಲಿಸಲು ಅಗತ್ಯವಿರುವ ದಾಖಲೆಗಳ ವಿವರ: 1) ವಿದ್ಯಾರ್ಹತೆ ದಾಖಲೆಗಳು 2) ಅನುಭವ ಪ್ರಮಾಣ ಪತ್ರ 3) ಜಾತಿ ಪ್ರಮಾಣ ಪತ್ರ 4) ಆಧಾರ್ ಪ್ರತಿ 5) ಇತ್ತೀಚಿನ ಭಾವಚಿತ್ರ. ಅರ್ಜಿ ಸಲ್ಲಿಸಲು ಕೊನೆಯ ದಿನಾಂಕದ ನಂತರ ಬರುವ ಅರ್ಜಿಗಳನ್ನು ಪರಿಗಣಿಸಲಾಗುವುದಿಲ್ಲ. ಹೆಚ್ಚಿನ ಮಾಹಿತಿಗಾಗಿ ಕಚೇರಿ ವೇಳೆಯಲ್ಲಿ ಸಂಪರ್ಕಿಸಬಹುದು. ದೂರವಾಣಿ ಸಂಖ್ಯೆ: 8152887336
ವಾ.ಇ.ಸಂ.ಇ/ವಿಜಯನಗರ/2025-26/
ಕಿಯಾ ಎಂ.ಬಿಸಿ/ಅ.ಬ್ರ.ಸಂ/506
ಸಹಿ/-ಮುಖ್ಯ ಕಾರ್ಯನಿರ್ವಾಹಕ ಅಧಿಕಾರಿಗಳು
ಜಿಲ್ಲಾ ಪಂಚಾಯತ್, ವಿಜಯನಗರ
